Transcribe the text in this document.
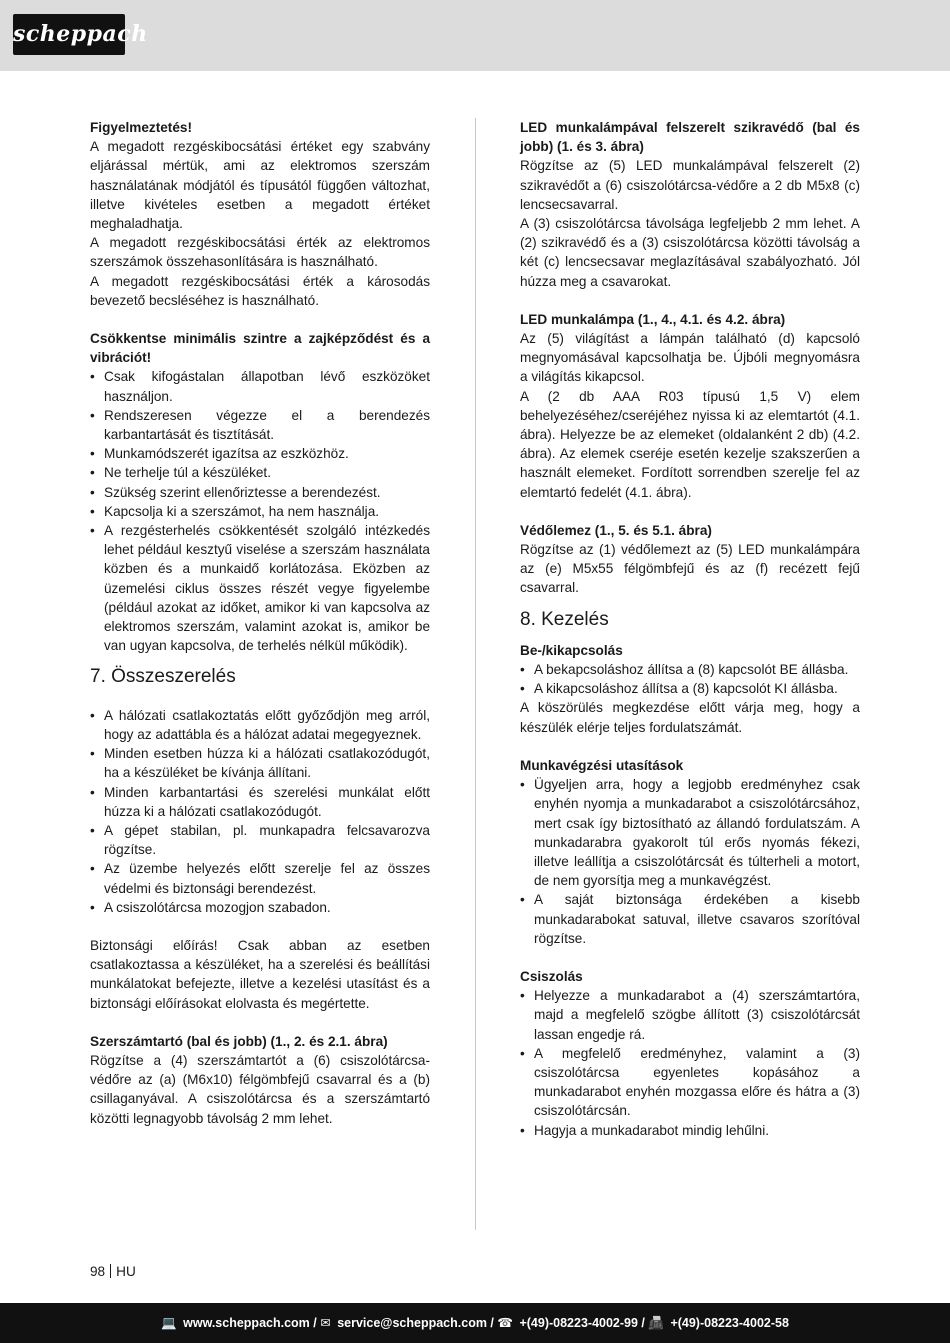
scheppach

Figyelmeztetés!

A megadott rezgéskibocsátási értéket egy szabvány eljárással mértük, ami az elektromos szerszám használatának módjától és típusától függően változhat, illetve kivételes esetben a megadott értéket meghaladhatja.

A megadott rezgéskibocsátási érték az elektromos szerszámok összehasonlítására is használható.

A megadott rezgéskibocsátási érték a károsodás bevezető becsléséhez is használható.

Csökkentse minimális szintre a zajképződést és a vibrációt!

• Csak kifogástalan állapotban lévő eszközöket használjon.
• Rendszeresen végezze el a berendezés karbantartását és tisztítását.
• Munkamódszerét igazítsa az eszközhöz.
• Ne terhelje túl a készüléket.
• Szükség szerint ellenőriztesse a berendezést.
• Kapcsolja ki a szerszámot, ha nem használja.
• A rezgésterhelés csökkentését szolgáló intézkedés lehet például kesztyű viselése a szerszám használata közben és a munkaidő korlátozása. Eközben az üzemelési ciklus összes részét vegye figyelembe (például azokat az időket, amikor ki van kapcsolva az elektromos szerszám, valamint azokat is, amikor be van ugyan kapcsolva, de terhelés nélkül működik).

7. Összeszerelés

• A hálózati csatlakoztatás előtt győződjön meg arról, hogy az adattábla és a hálózat adatai megegyeznek.
• Minden esetben húzza ki a hálózati csatlakozódugót, ha a készüléket be kívánja állítani.
• Minden karbantartási és szerelési munkálat előtt húzza ki a hálózati csatlakozódugót.
• A gépet stabilan, pl. munkapadra felcsavarozva rögzítse.
• Az üzembe helyezés előtt szerelje fel az összes védelmi és biztonsági berendezést.
• A csiszolótárcsa mozogjon szabadon.

Biztonsági előírás! Csak abban az esetben csatlakoztassa a készüléket, ha a szerelési és beállítási munkálatokat befejezte, illetve a kezelési utasítást és a biztonsági előírásokat elolvasta és megértette.

Szerszámtartó (bal és jobb) (1., 2. és 2.1. ábra)

Rögzítse a (4) szerszámtartót a (6) csiszolótárcsa-védőre az (a) (M6x10) félgömbfejű csavarral és a (b) csillaganyával. A csiszolótárcsa és a szerszámtartó közötti legnagyobb távolság 2 mm lehet.

LED munkalámpával felszerelt szikravédő (bal és jobb) (1. és 3. ábra)

Rögzítse az (5) LED munkalámpával felszerelt (2) szikravédőt a (6) csiszolótárcsa-védőre a 2 db M5x8 (c) lencsecsavarral.

A (3) csiszolótárcsa távolsága legfeljebb 2 mm lehet. A (2) szikravédő és a (3) csiszolótárcsa közötti távolság a két (c) lencsecsavar meglazításával szabályozható. Jól húzza meg a csavarokat.

LED munkalámpa (1., 4., 4.1. és 4.2. ábra)

Az (5) világítást a lámpán található (d) kapcsoló megnyomásával kapcsolhatja be. Újbóli megnyomásra a világítás kikapcsol.

A (2 db AAA R03 típusú 1,5 V) elem behelyezéséhez/cseréjéhez nyissa ki az elemtartót (4.1. ábra). Helyezze be az elemeket (oldalanként 2 db) (4.2. ábra). Az elemek cseréje esetén kezelje szakszerűen a használt elemeket. Fordított sorrendben szerelje fel az elemtartó fedelét (4.1. ábra).

Védőlemez (1., 5. és 5.1. ábra)

Rögzítse az (1) védőlemezt az (5) LED munkalámpára az (e) M5x55 félgömbfejű és az (f) recézett fejű csavarral.

8. Kezelés

Be-/kikapcsolás

• A bekapcsoláshoz állítsa a (8) kapcsolót BE állásba.
• A kikapcsoláshoz állítsa a (8) kapcsolót KI állásba.

A köszörülés megkezdése előtt várja meg, hogy a készülék elérje teljes fordulatszámát.

Munkavégzési utasítások

• Ügyeljen arra, hogy a legjobb eredményhez csak enyhén nyomja a munkadarabot a csiszolótárcsához, mert csak így biztosítható az állandó fordulatszám. A munkadarabra gyakorolt túl erős nyomás fékezi, illetve leállítja a csiszolótárcsát és túlterheli a motort, de nem gyorsítja meg a munkavégzést.
• A saját biztonsága érdekében a kisebb munkadarabokat satuval, illetve csavaros szorítóval rögzítse.

Csiszolás

• Helyezze a munkadarabot a (4) szerszámtartóra, majd a megfelelő szögbe állított (3) csiszolótárcsát lassan engedje rá.
• A megfelelő eredményhez, valamint a (3) csiszolótárcsa egyenletes kopásához a munkadarabot enyhén mozgassa előre és hátra a (3) csiszolótárcsán.
• Hagyja a munkadarabot mindig lehűlni.
98 HU
💻 www.scheppach.com / ✉ service@scheppach.com / ☎ +(49)-08223-4002-99 / 📠 +(49)-08223-4002-58
